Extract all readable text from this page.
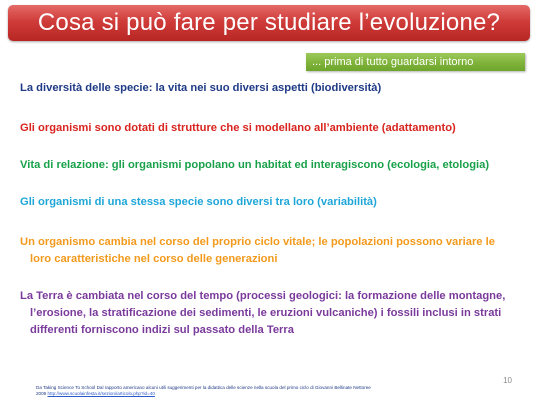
Cosa si può fare per studiare l’evoluzione?
... prima di tutto guardarsi intorno
La diversità delle specie: la vita nei suo diversi aspetti (biodiversità)
Gli organismi sono dotati di strutture che si modellano all’ambiente (adattamento)
Vita di relazione: gli organismi popolano un habitat ed interagiscono (ecologia, etologia)
Gli organismi di una stessa specie sono diversi tra loro (variabilità)
Un organismo cambia nel corso del proprio ciclo vitale; le popolazioni possono variare le
loro caratteristiche nel corso delle generazioni
La Terra è cambiata nel corso del tempo (processi geologici: la formazione delle montagne,
l’erosione, la stratificazione dei sedimenti, le eruzioni vulcaniche) i fossili inclusi in strati
differenti forniscono indizi sul passato della Terra
10
Da Taking Science To School Dal rapporto americano alcuni utili suggerimenti per la didattica delle scienze nella scuola del primo ciclo di Giovanni Bellinate Nettoree
2009 http://www.scuolainfesta.it/sezioni/articolo.php?id=40
